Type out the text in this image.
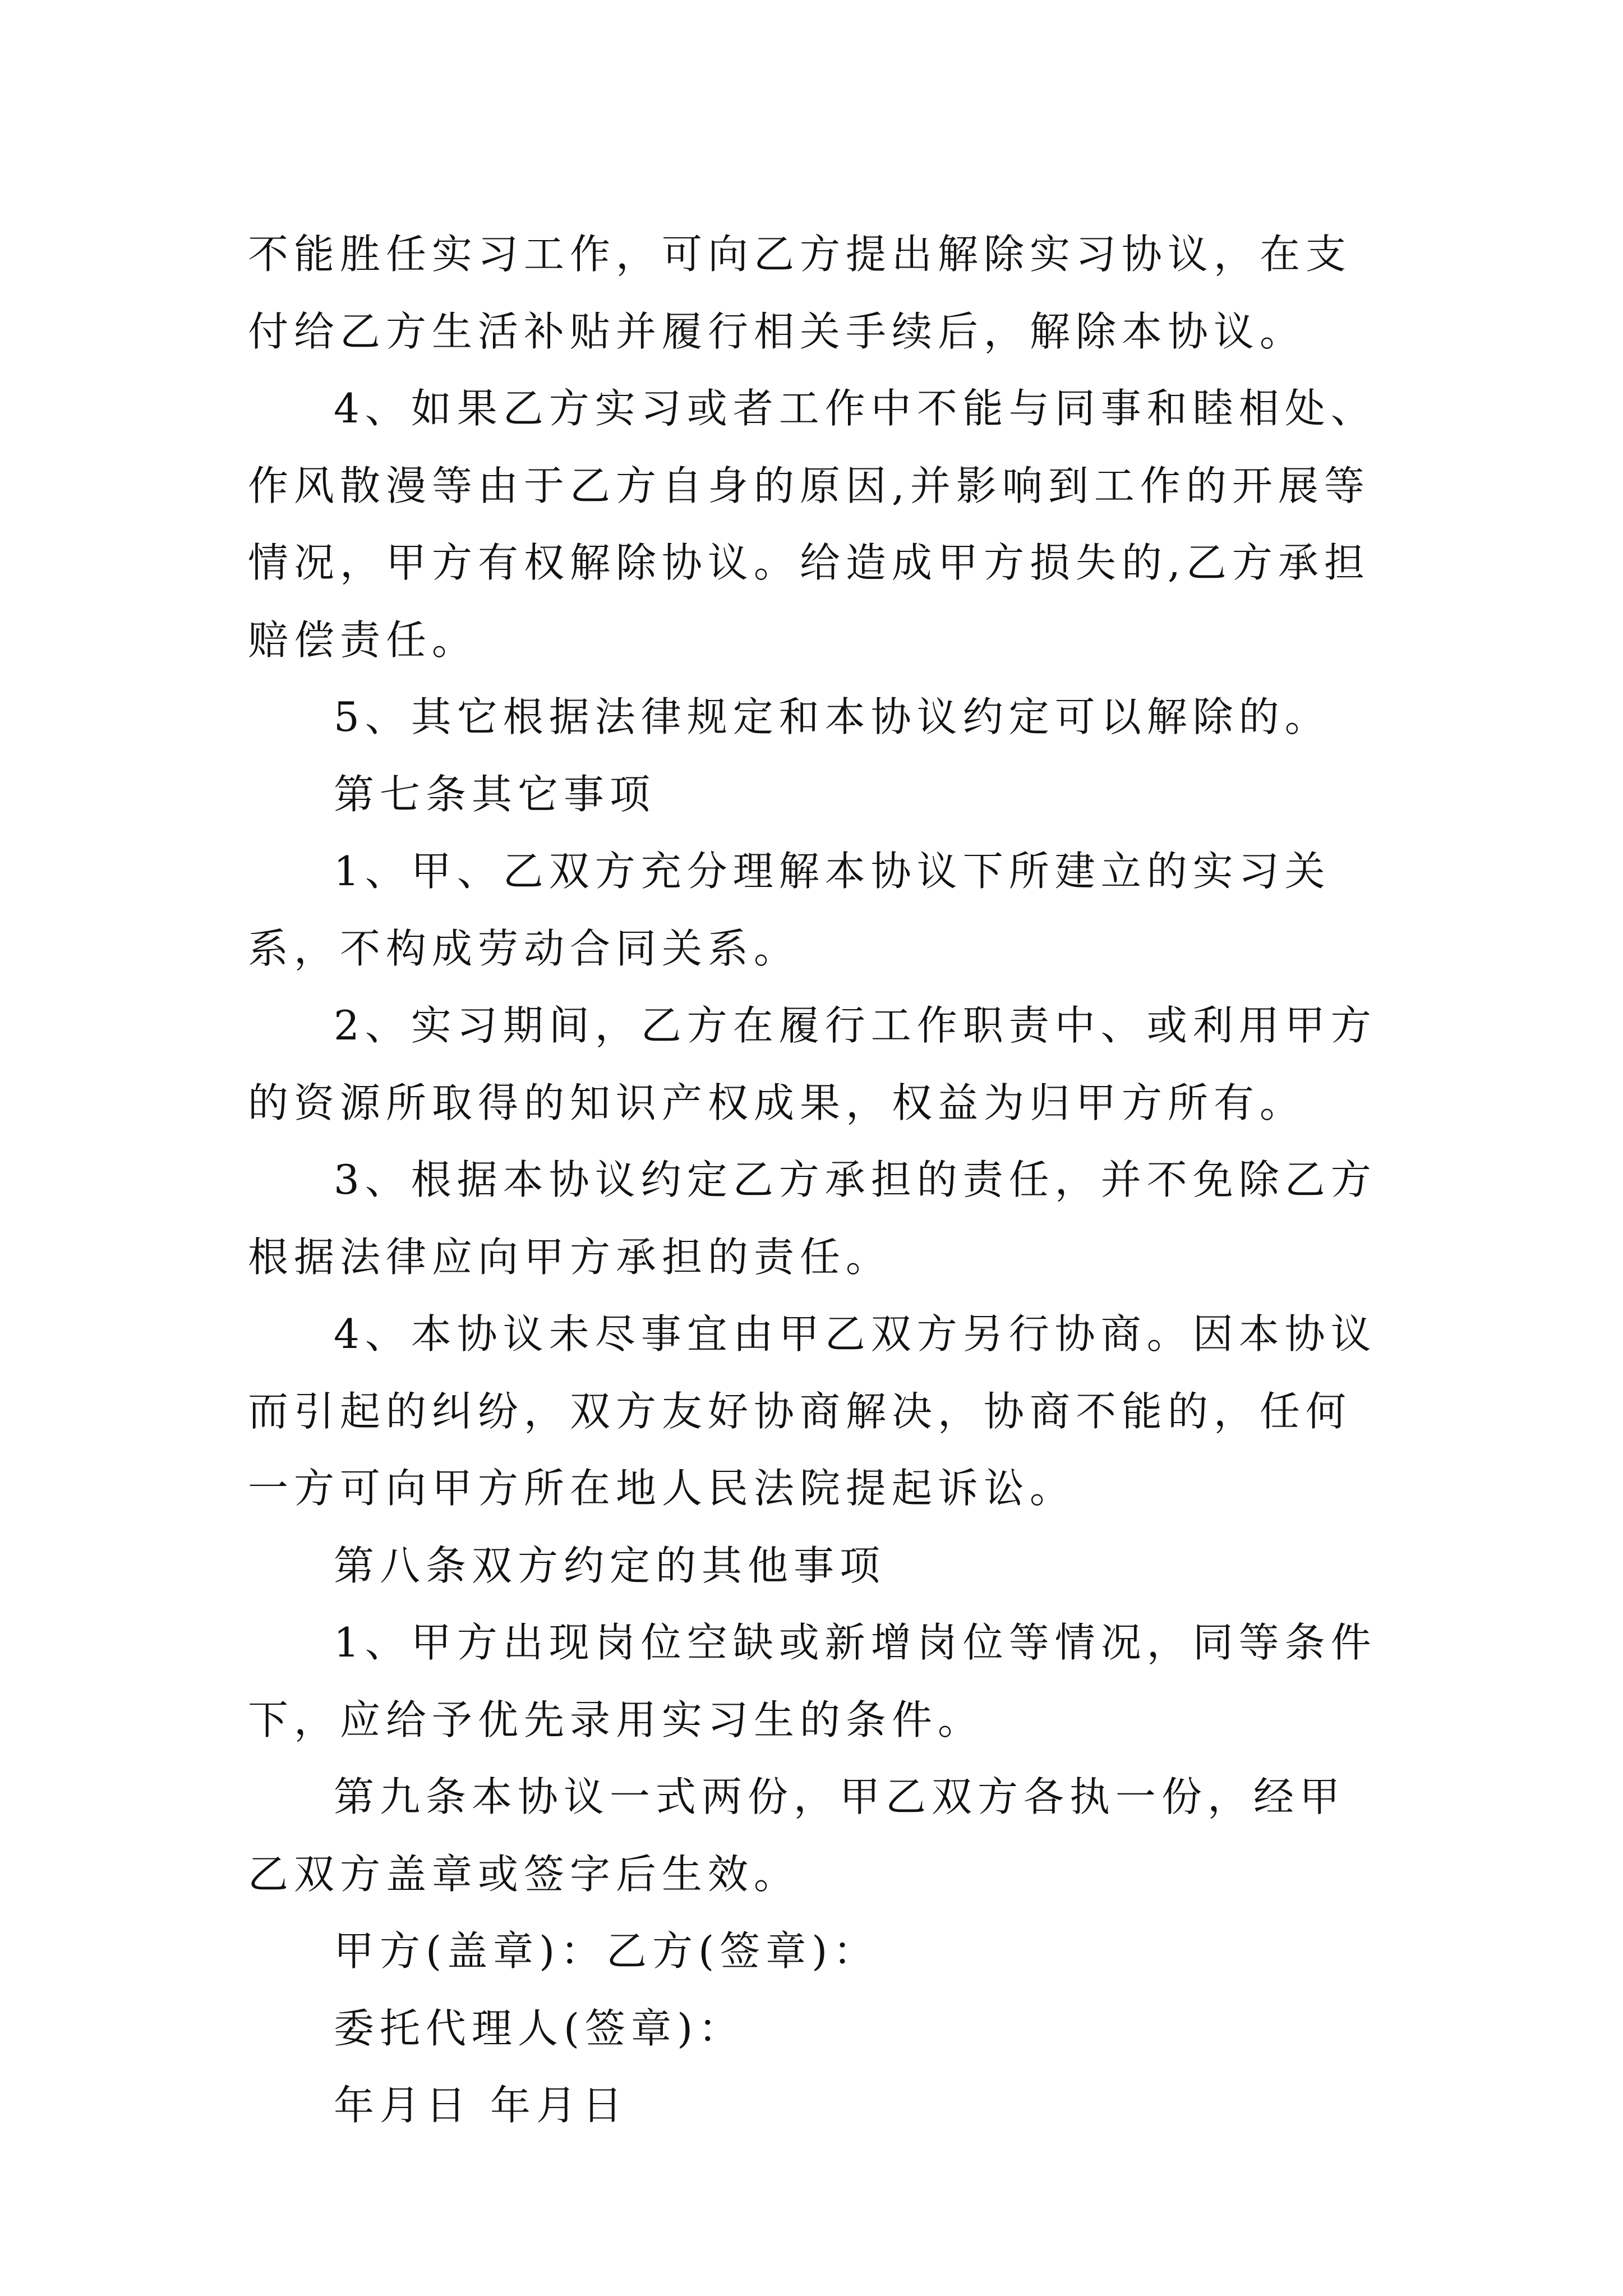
不能胜任实习工作，可向乙方提出解除实习协议，在支付给乙方生活补贴并履行相关手续后，解除本协议。

4、如果乙方实习或者工作中不能与同事和睦相处、作风散漫等由于乙方自身的原因,并影响到工作的开展等情况，甲方有权解除协议。给造成甲方损失的,乙方承担赔偿责任。

5、其它根据法律规定和本协议约定可以解除的。

第七条其它事项

1、甲、乙双方充分理解本协议下所建立的实习关系，不构成劳动合同关系。

2、实习期间，乙方在履行工作职责中、或利用甲方的资源所取得的知识产权成果，权益为归甲方所有。

3、根据本协议约定乙方承担的责任，并不免除乙方根据法律应向甲方承担的责任。

4、本协议未尽事宜由甲乙双方另行协商。因本协议而引起的纠纷，双方友好协商解决，协商不能的，任何一方可向甲方所在地人民法院提起诉讼。

第八条双方约定的其他事项

1、甲方出现岗位空缺或新增岗位等情况，同等条件下，应给予优先录用实习生的条件。

第九条本协议一式两份，甲乙双方各执一份，经甲乙双方盖章或签字后生效。

甲方(盖章)：乙方(签章)：

委托代理人(签章)：

年月日 年月日
